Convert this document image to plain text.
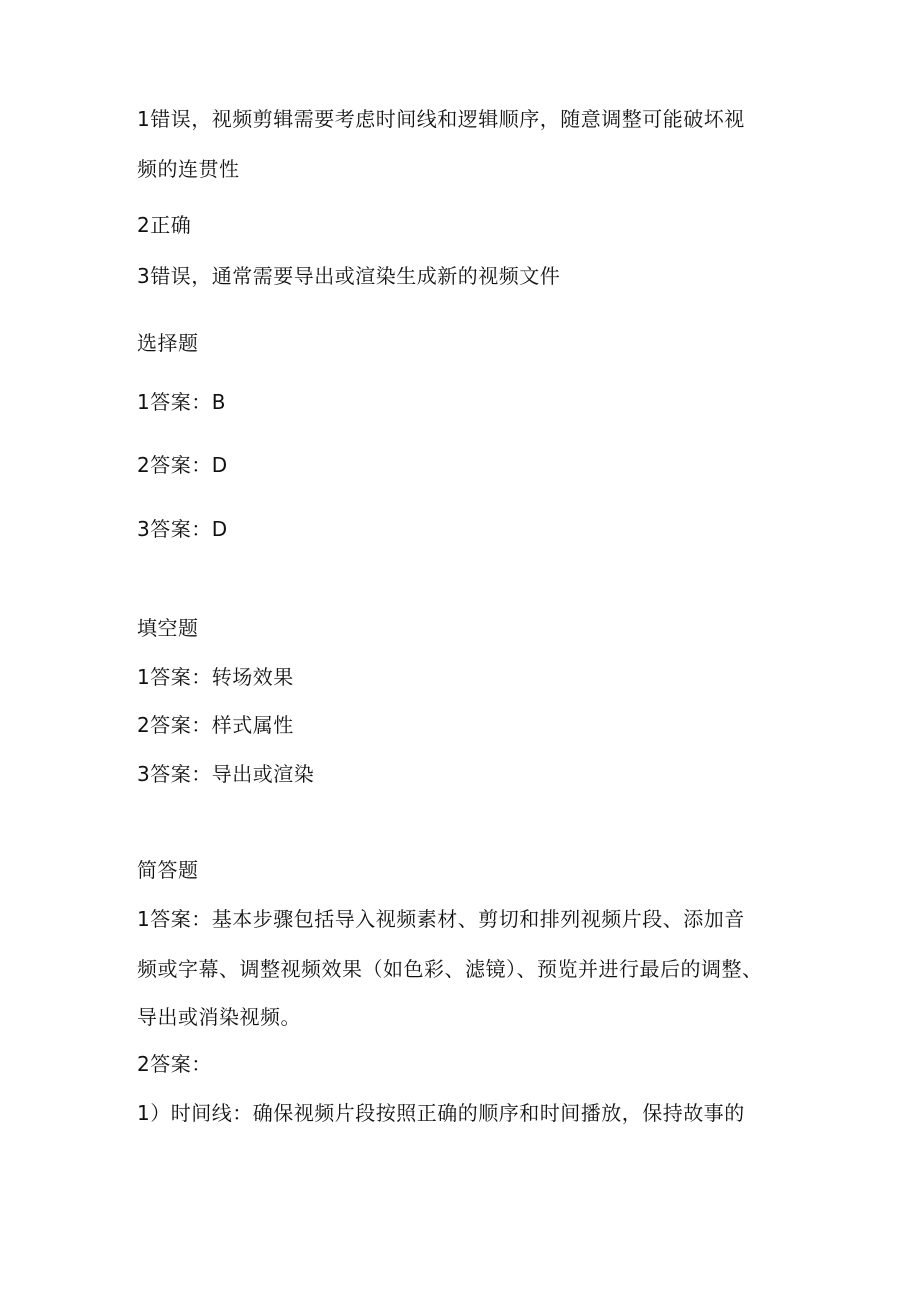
1错误，视频剪辑需要考虑时间线和逻辑顺序，随意调整可能破坏视
频的连贯性
2正确
3错误，通常需要导出或渲染生成新的视频文件
选择题
1答案：B
2答案：D
3答案：D
填空题
1答案：转场效果
2答案：样式属性
3答案：导出或渲染
简答题
1答案：基本步骤包括导入视频素材、剪切和排列视频片段、添加音
频或字幕、调整视频效果（如色彩、滤镜）、预览并进行最后的调整、
导出或消染视频。
2答案：
1）时间线：确保视频片段按照正确的顺序和时间播放，保持故事的
